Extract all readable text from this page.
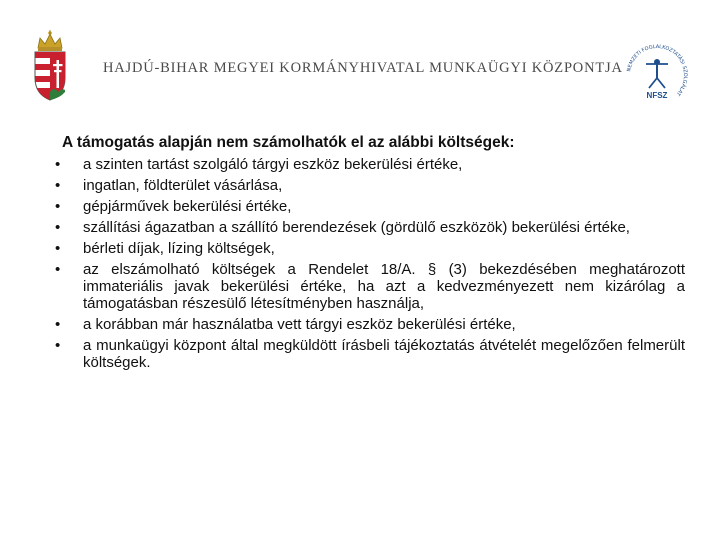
HAJDÚ-BIHAR MEGYEI KORMÁNYHIVATAL MUNKAÜGYI KÖZPONTJA NEMZETI FOGLALKOZTATÁSI SZOLGÁLAT
NFSZ
A támogatás alapján nem számolhatók el az alábbi költségek:
•	a szinten tartást szolgáló tárgyi eszköz bekerülési értéke,
•	ingatlan, földterület vásárlása,
•	gépjárművek bekerülési értéke,
•	szállítási ágazatban a szállító berendezések (gördülő eszközök) bekerülési értéke,
•	bérleti díjak, lízing költségek,
•	az elszámolható költségek a Rendelet 18/A. § (3) bekezdésében meghatározott immateriális javak bekerülési értéke, ha azt a kedvezményezett nem kizárólag a támogatásban részesülő létesítményben használja,
•	a korábban már használatba vett tárgyi eszköz bekerülési értéke,
•	a munkaügyi központ által megküldött írásbeli tájékoztatás átvételét megelőzően felmerült költségek.
